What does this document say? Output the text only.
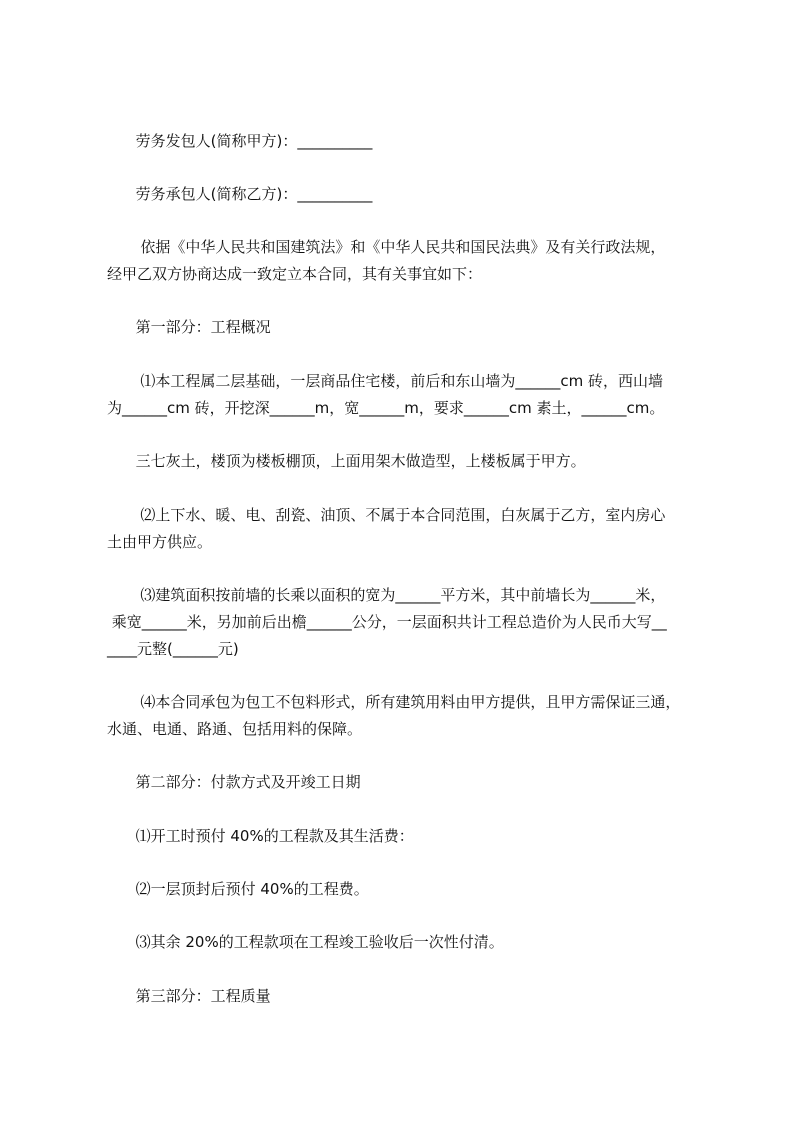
劳务发包人(简称甲方)：__________
劳务承包人(简称乙方)：__________
依据《中华人民共和国建筑法》和《中华人民共和国民法典》及有关行政法规，
经甲乙双方协商达成一致定立本合同，其有关事宜如下：
第一部分：工程概况
⑴本工程属二层基础，一层商品住宅楼，前后和东山墙为______cm 砖，西山墙
为______cm 砖，开挖深______m，宽______m，要求______cm 素土，______cm。
三七灰土，楼顶为楼板棚顶，上面用架木做造型，上楼板属于甲方。
⑵上下水、暖、电、刮瓷、油顶、不属于本合同范围，白灰属于乙方，室内房心
土由甲方供应。
⑶建筑面积按前墙的长乘以面积的宽为______平方米，其中前墙长为______米，
乘宽______米，另加前后出檐______公分，一层面积共计工程总造价为人民币大写__
____元整(______元)
⑷本合同承包为包工不包料形式，所有建筑用料由甲方提供，且甲方需保证三通，
水通、电通、路通、包括用料的保障。
第二部分：付款方式及开竣工日期
⑴开工时预付 40%的工程款及其生活费：
⑵一层顶封后预付 40%的工程费。
⑶其余 20%的工程款项在工程竣工验收后一次性付清。
第三部分：工程质量
